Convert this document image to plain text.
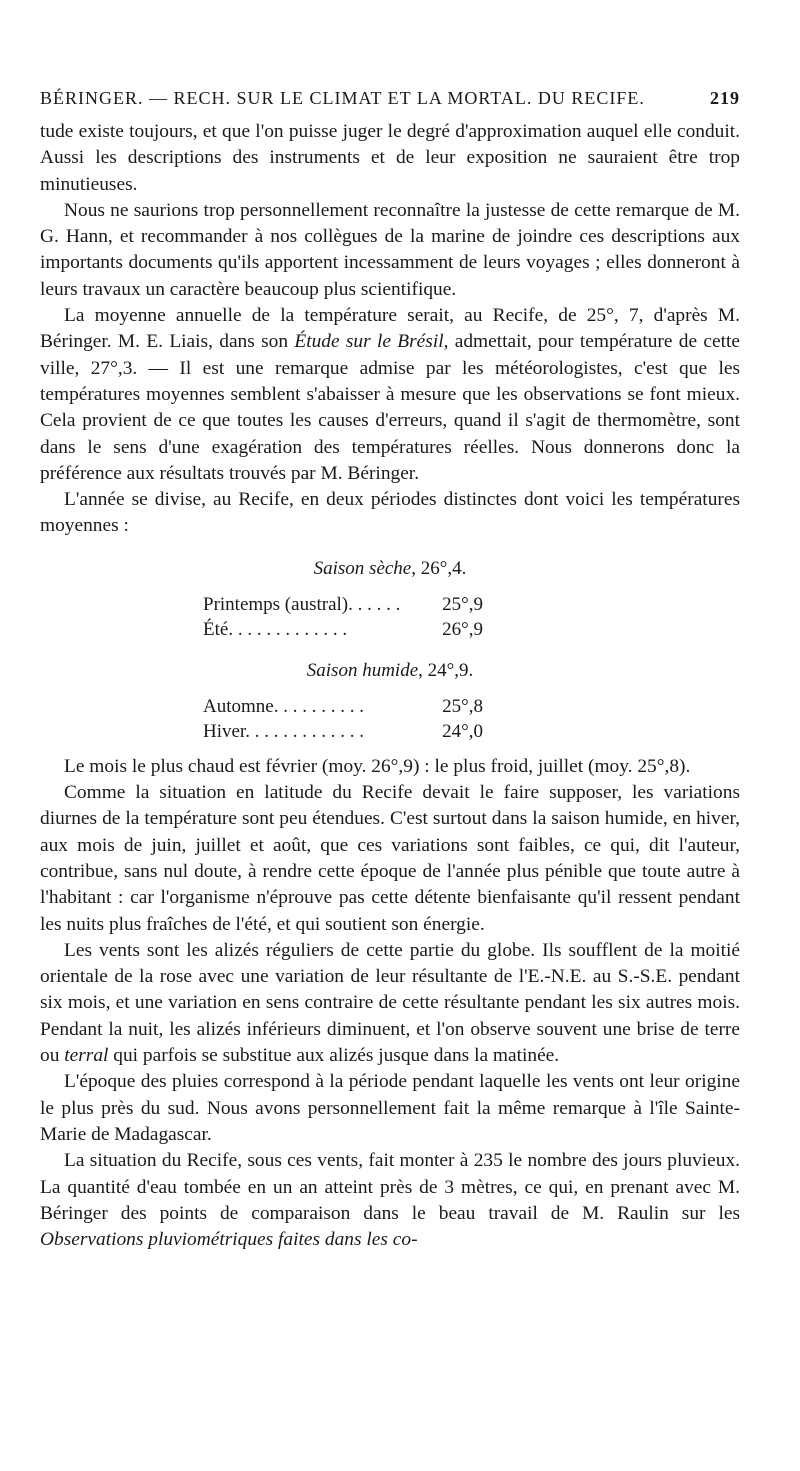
BÉRINGER. — RECH. SUR LE CLIMAT ET LA MORTAL. DU RECIFE.	219

tude existe toujours, et que l'on puisse juger le degré d'approximation auquel elle conduit. Aussi les descriptions des instruments et de leur exposition ne sauraient être trop minutieuses.

Nous ne saurions trop personnellement reconnaître la justesse de cette remarque de M. G. Hann, et recommander à nos collègues de la marine de joindre ces descriptions aux importants documents qu'ils apportent incessamment de leurs voyages ; elles donneront à leurs travaux un caractère beaucoup plus scientifique.

La moyenne annuelle de la température serait, au Recife, de 25°, 7, d'après M. Béringer. M. E. Liais, dans son Étude sur le Brésil, admettait, pour température de cette ville, 27°,3. — Il est une remarque admise par les météorologistes, c'est que les températures moyennes semblent s'abaisser à mesure que les observations se font mieux. Cela provient de ce que toutes les causes d'erreurs, quand il s'agit de thermomètre, sont dans le sens d'une exagération des températures réelles. Nous donnerons donc la préférence aux résultats trouvés par M. Béringer.

L'année se divise, au Recife, en deux périodes distinctes dont voici les températures moyennes :

Saison sèche, 26°,4.
Printemps (austral). . . . . . 25°,9
Été. . . . . . . . . . . . .	26°,9
Saison humide, 24°,9.
Automne. . . . . . . . . .	25°,8
Hiver. . . . . . . . . . . . .	24°,0

Le mois le plus chaud est février (moy. 26°,9) : le plus froid, juillet (moy. 25°,8).

Comme la situation en latitude du Recife devait le faire supposer, les variations diurnes de la température sont peu étendues. C'est surtout dans la saison humide, en hiver, aux mois de juin, juillet et août, que ces variations sont faibles, ce qui, dit l'auteur, contribue, sans nul doute, à rendre cette époque de l'année plus pénible que toute autre à l'habitant : car l'organisme n'éprouve pas cette détente bienfaisante qu'il ressent pendant les nuits plus fraîches de l'été, et qui soutient son énergie.

Les vents sont les alizés réguliers de cette partie du globe. Ils soufflent de la moitié orientale de la rose avec une variation de leur résultante de l'E.-N.E. au S.-S.E. pendant six mois, et une variation en sens contraire de cette résultante pendant les six autres mois. Pendant la nuit, les alizés inférieurs diminuent, et l'on observe souvent une brise de terre ou terral qui parfois se substitue aux alizés jusque dans la matinée.

L'époque des pluies correspond à la période pendant laquelle les vents ont leur origine le plus près du sud. Nous avons personnellement fait la même remarque à l'île Sainte-Marie de Madagascar.

La situation du Recife, sous ces vents, fait monter à 235 le nombre des jours pluvieux. La quantité d'eau tombée en un an atteint près de 3 mètres, ce qui, en prenant avec M. Béringer des points de comparaison dans le beau travail de M. Raulin sur les Observations pluviométriques faites dans les co-
